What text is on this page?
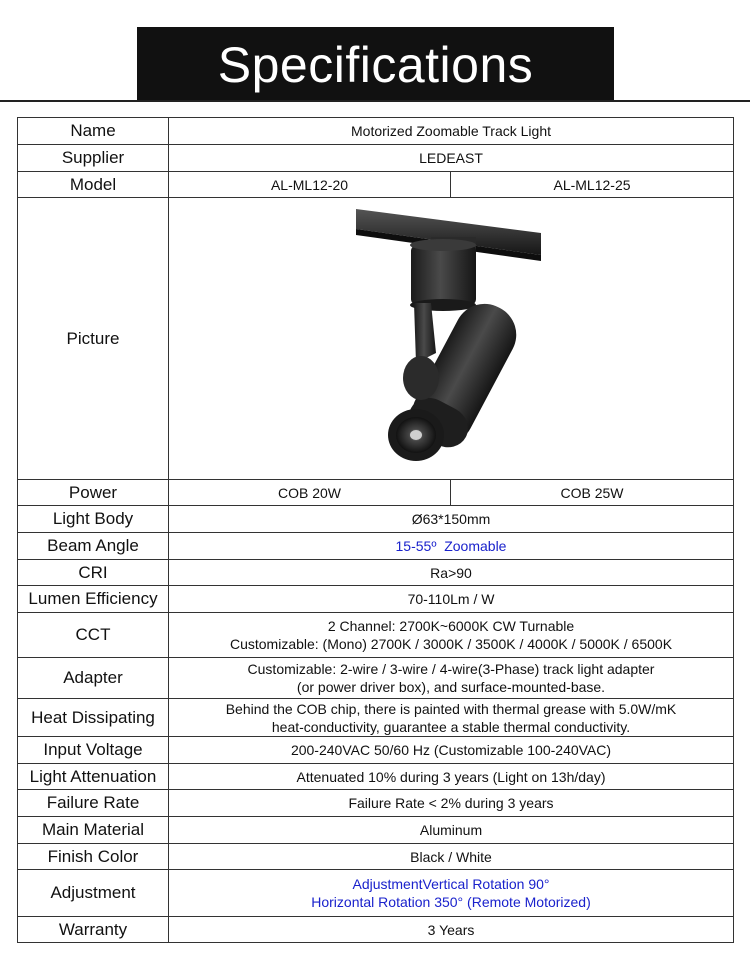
Specifications
Name	Motorized Zoomable Track Light	
Supplier	LEDEAST	
Model	AL-ML12-20	AL-ML12-25
Picture	

Power	COB 20W	COB 25W
Light Body	Ø63*150mm	
Beam Angle	15-55º  Zoomable	
CRI	Ra>90	
Lumen Efficiency	70-110Lm / W	
CCT	2 Channel: 2700K~6000K CW Turnable
Customizable: (Mono) 2700K / 3000K / 3500K / 4000K / 5000K / 6500K	

Adapter	Customizable: 2-wire / 3-wire / 4-wire(3-Phase) track light adapter
(or power driver box), and surface-mounted-base.	

Heat Dissipating	Behind the COB chip, there is painted with thermal grease with 5.0W/mK
heat-conductivity, guarantee a stable thermal conductivity.	

Input Voltage	200-240VAC 50/60 Hz (Customizable 100-240VAC)	
Light Attenuation	Attenuated 10% during 3 years (Light on 13h/day)	
Failure Rate	Failure Rate < 2% during 3 years	
Main Material	Aluminum	
Finish Color	Black / White	
Adjustment	AdjustmentVertical Rotation 90°
Horizontal Rotation 350° (Remote Motorized)	

Warranty	3 Years	
